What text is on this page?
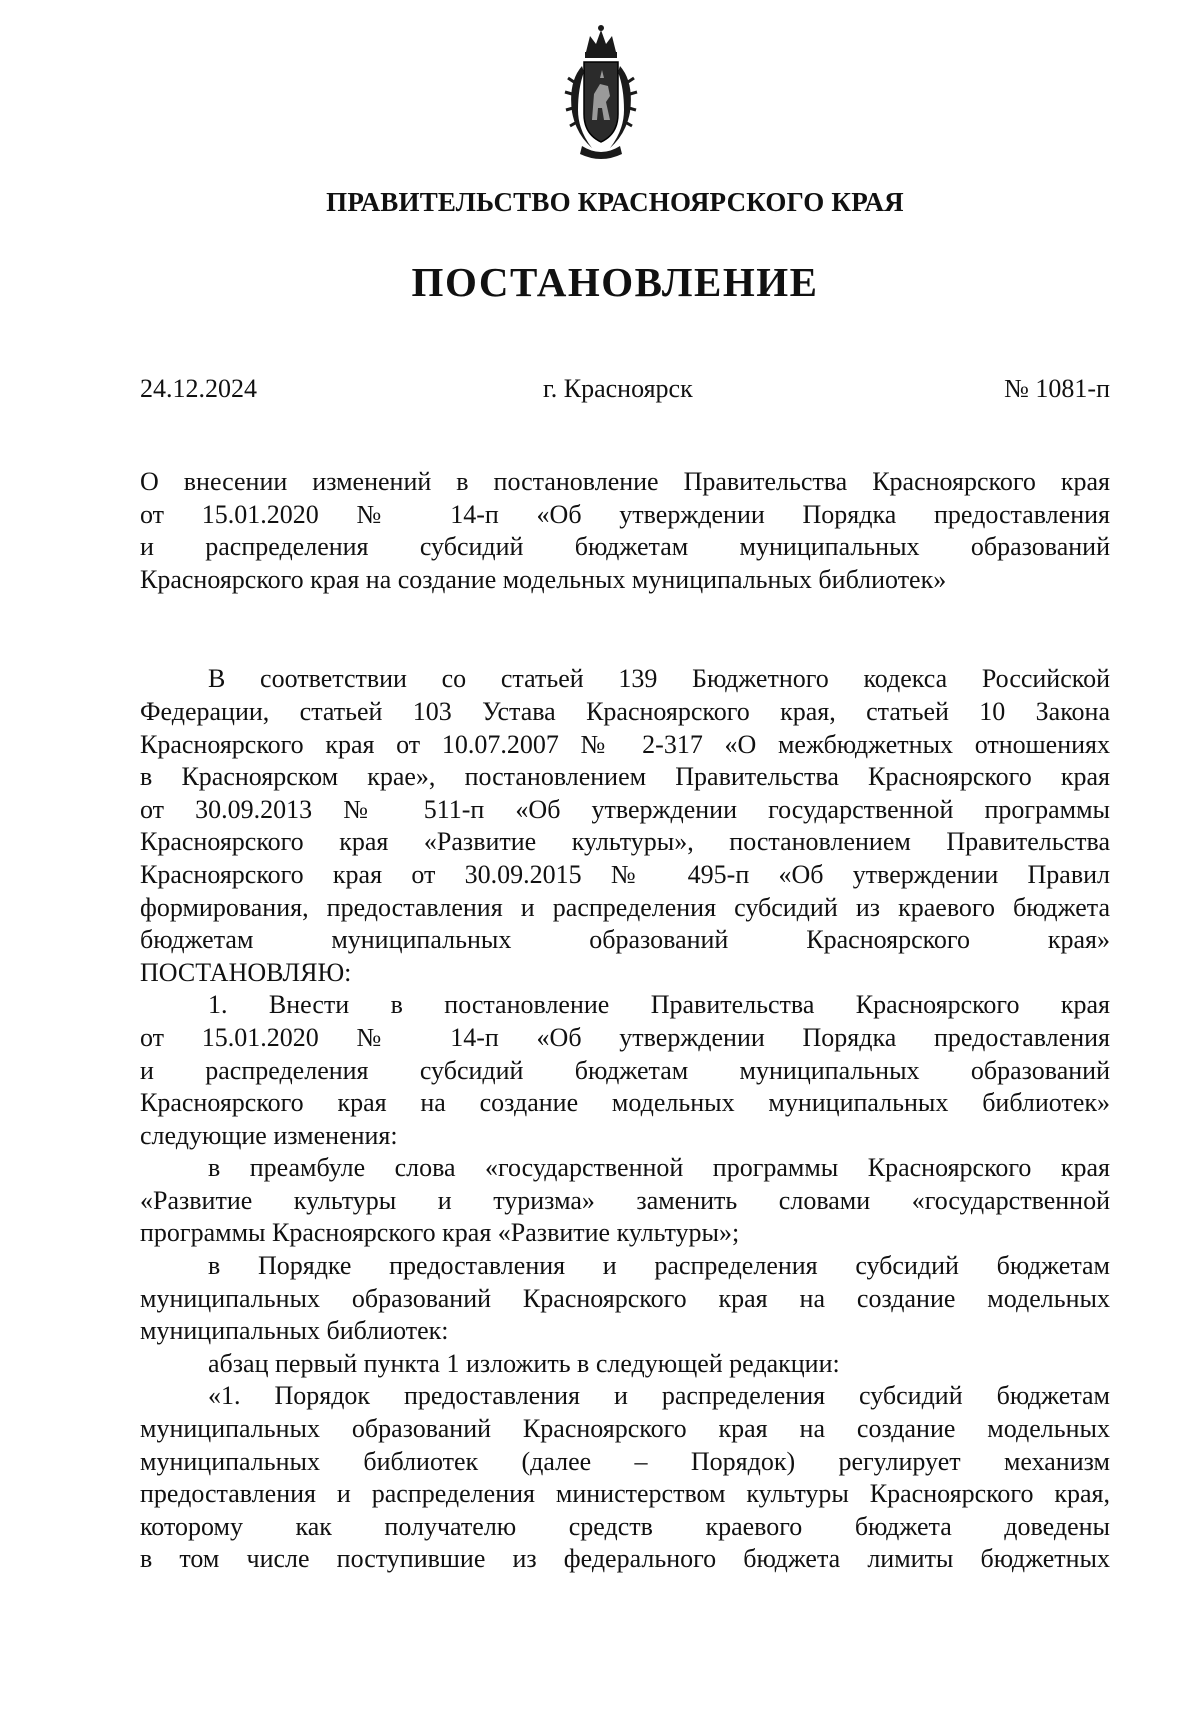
ПРАВИТЕЛЬСТВО КРАСНОЯРСКОГО КРАЯ
ПОСТАНОВЛЕНИЕ
24.12.2024	г. Красноярск	№ 1081-п

О внесении изменений в постановление Правительства Красноярского края

от 15.01.2020 № 14-п «Об утверждении Порядка предоставления

и распределения субсидий бюджетам муниципальных образований

Красноярского края на создание модельных муниципальных библиотек»

В соответствии со статьей 139 Бюджетного кодекса Российской

Федерации, статьей 103 Устава Красноярского края, статьей 10 Закона

Красноярского края от 10.07.2007 № 2-317 «О межбюджетных отношениях

в Красноярском крае», постановлением Правительства Красноярского края

от 30.09.2013 № 511-п «Об утверждении государственной программы

Красноярского края «Развитие культуры», постановлением Правительства

Красноярского края от 30.09.2015 № 495-п «Об утверждении Правил

формирования, предоставления и распределения субсидий из краевого бюджета

бюджетам муниципальных образований Красноярского края»

ПОСТАНОВЛЯЮ:

1. Внести в постановление Правительства Красноярского края

от 15.01.2020 № 14-п «Об утверждении Порядка предоставления

и распределения субсидий бюджетам муниципальных образований

Красноярского края на создание модельных муниципальных библиотек»

следующие изменения:

в преамбуле слова «государственной программы Красноярского края

«Развитие культуры и туризма» заменить словами «государственной

программы Красноярского края «Развитие культуры»;

в Порядке предоставления и распределения субсидий бюджетам

муниципальных образований Красноярского края на создание модельных

муниципальных библиотек:

абзац первый пункта 1 изложить в следующей редакции:

«1. Порядок предоставления и распределения субсидий бюджетам

муниципальных образований Красноярского края на создание модельных

муниципальных библиотек (далее – Порядок) регулирует механизм

предоставления и распределения министерством культуры Красноярского края,

которому как получателю средств краевого бюджета доведены

в том числе поступившие из федерального бюджета лимиты бюджетных
